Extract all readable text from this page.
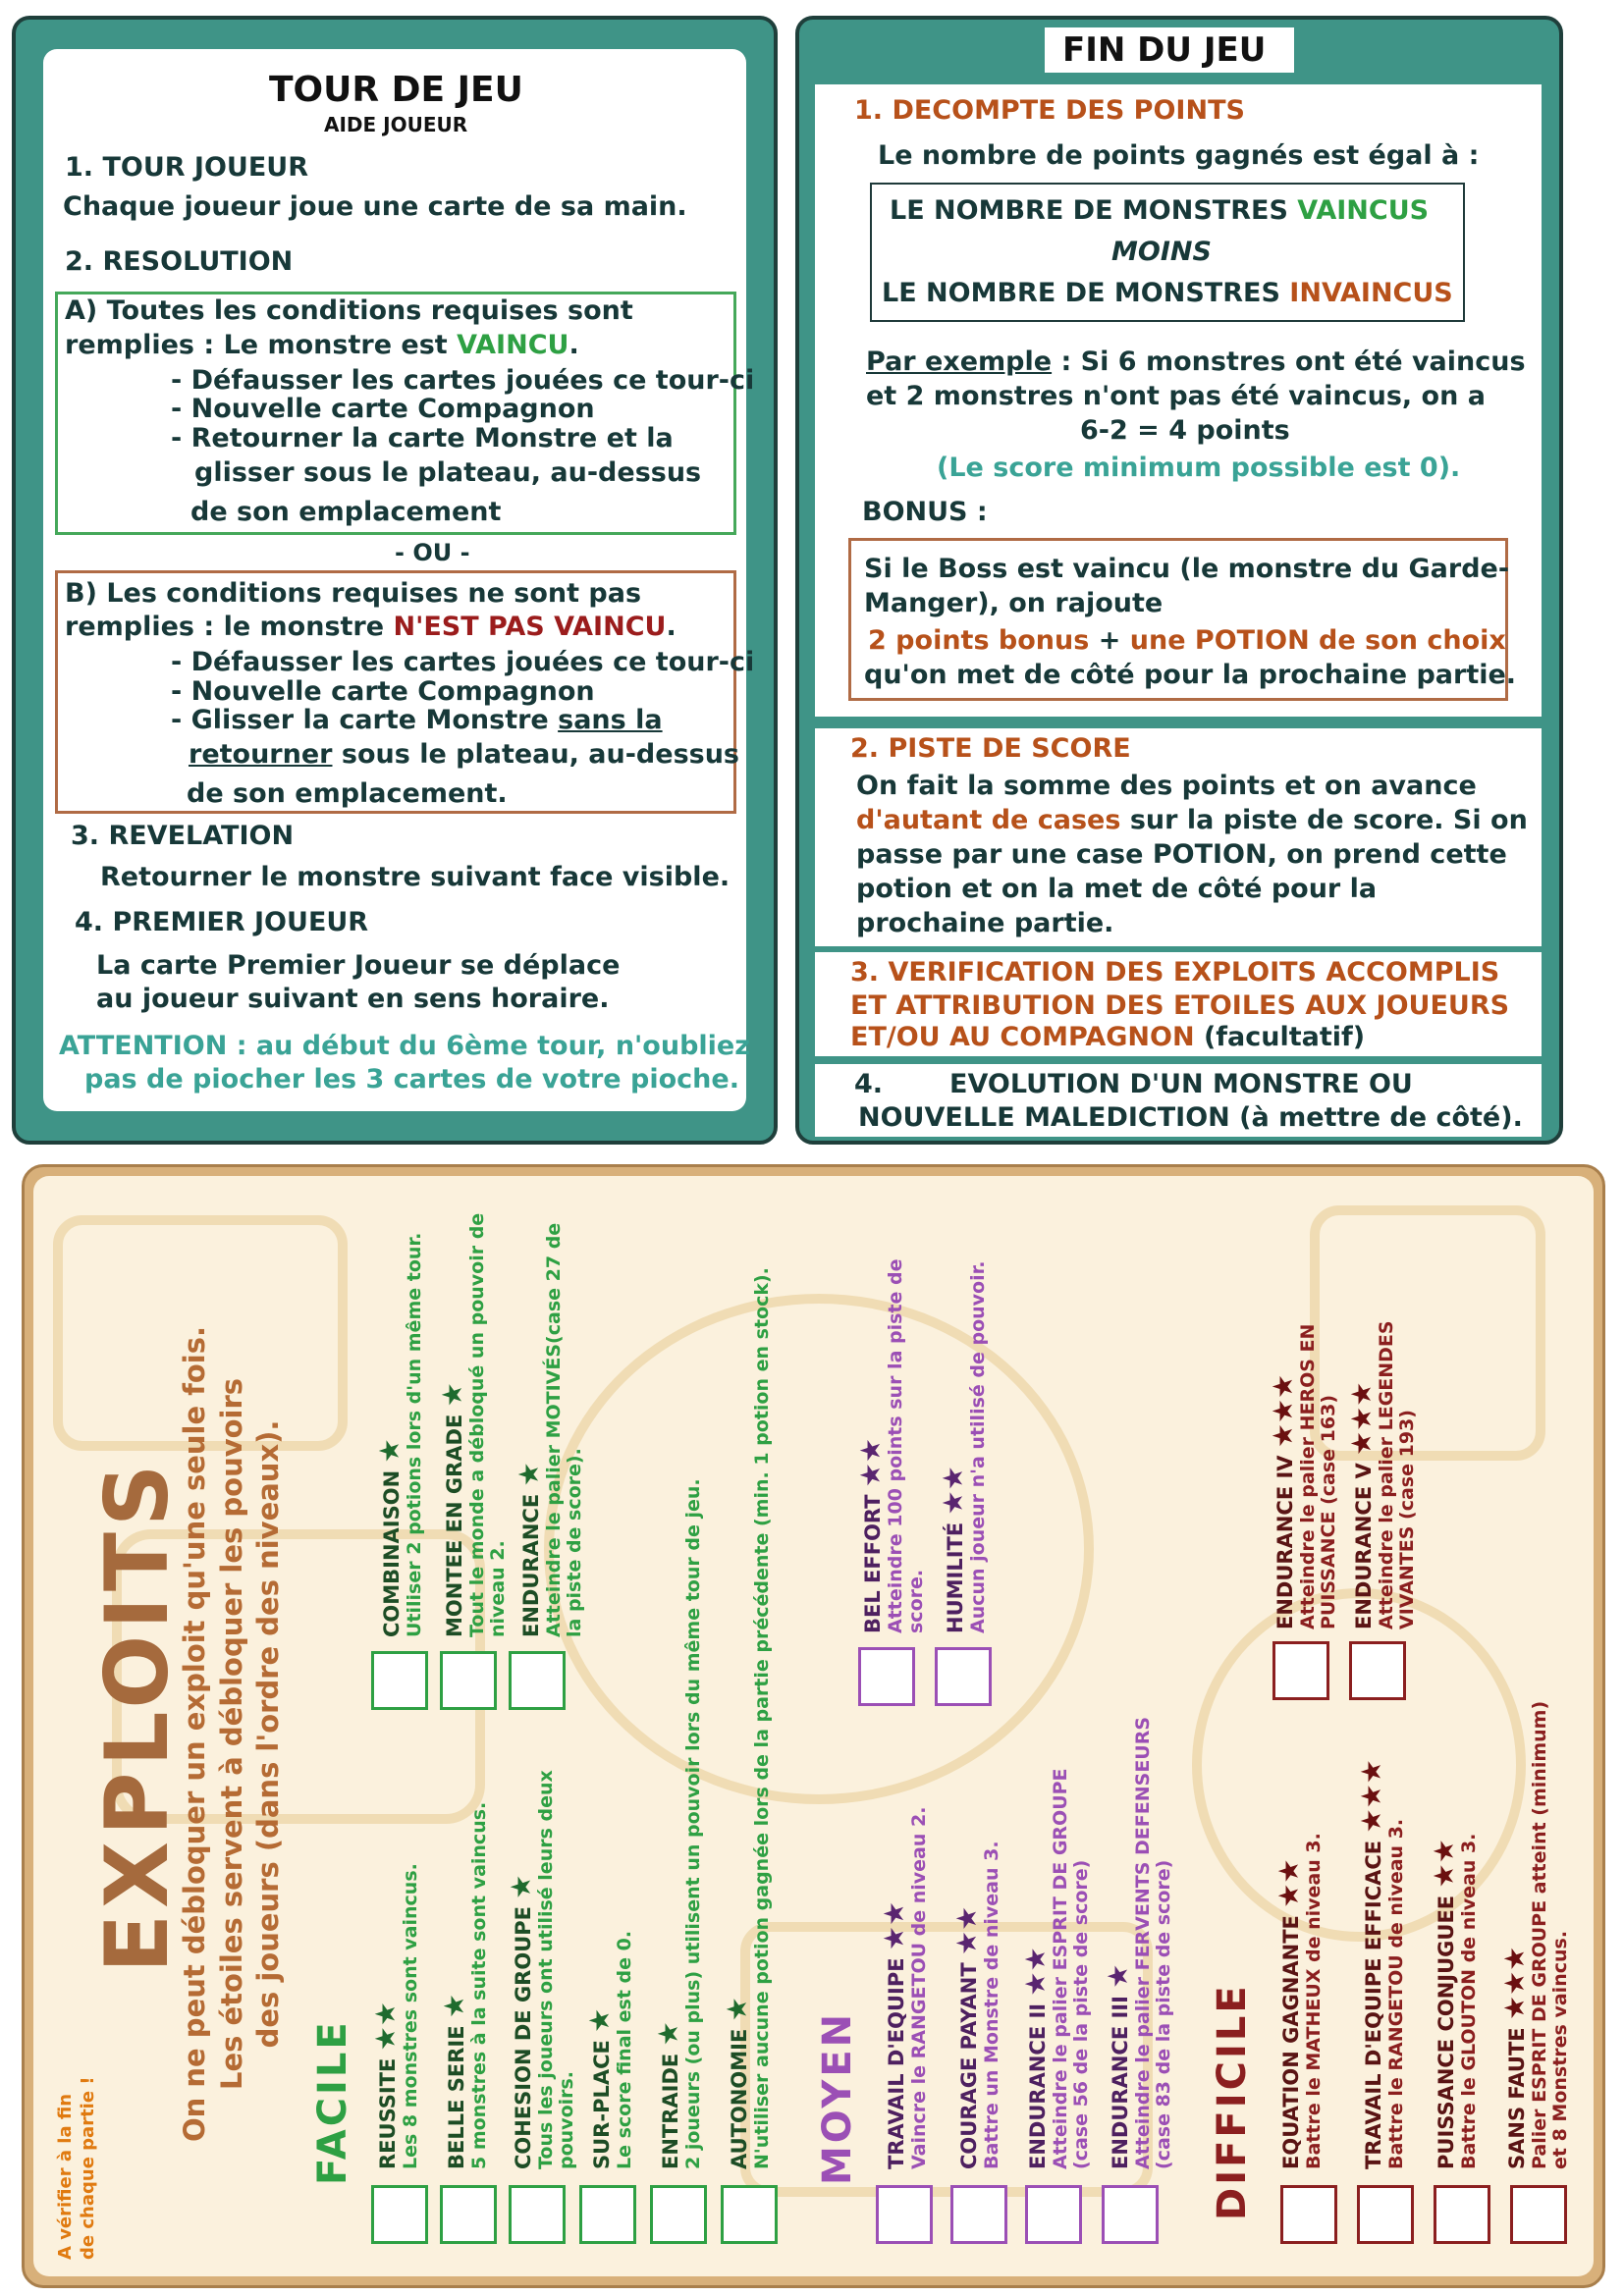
TOUR DE JEU
AIDE JOUEUR
1. TOUR JOUEUR
Chaque joueur joue une carte de sa main.
2. RESOLUTION
A) Toutes les conditions requises sont
remplies : Le monstre est VAINCU.
- Défausser les cartes jouées ce tour-ci
- Nouvelle carte Compagnon
- Retourner la carte Monstre et la
glisser sous le plateau, au-dessus
de son emplacement
- OU -
B) Les conditions requises ne sont pas
remplies : le monstre N'EST PAS VAINCU.
- Défausser les cartes jouées ce tour-ci
- Nouvelle carte Compagnon
- Glisser la carte Monstre sans la
retourner sous le plateau, au-dessus
de son emplacement.
3. REVELATION
Retourner le monstre suivant face visible.
4. PREMIER JOUEUR
La carte Premier Joueur se déplace
au joueur suivant en sens horaire.
ATTENTION : au début du 6ème tour, n'oubliez
pas de piocher les 3 cartes de votre pioche.
FIN DU JEU
1. DECOMPTE DES POINTS
Le nombre de points gagnés est égal à :
LE NOMBRE DE MONSTRES VAINCUS
MOINS
LE NOMBRE DE MONSTRES INVAINCUS
Par exemple : Si 6 monstres ont été vaincus
et 2 monstres n'ont pas été vaincus, on a
6-2 = 4 points
(Le score minimum possible est 0).
BONUS :
Si le Boss est vaincu (le monstre du Garde-
Manger), on rajoute
2 points bonus + une POTION de son choix
qu'on met de côté pour la prochaine partie.
2. PISTE DE SCORE
On fait la somme des points et on avance
d'autant de cases sur la piste de score. Si on
passe par une case POTION, on prend cette
potion et on la met de côté pour la
prochaine partie.
3. VERIFICATION DES EXPLOITS ACCOMPLIS
ET ATTRIBUTION DES ETOILES AUX JOUEURS
ET/OU AU COMPAGNON (facultatif)
4.	EVOLUTION D'UN MONSTRE OU
NOUVELLE MALEDICTION (à mettre de côté).
EXPLOITS
On ne peut débloquer un exploit qu'une seule fois. Les étoiles servent à débloquer les pouvoirs des joueurs (dans l'ordre des niveaux).
A vérifier à la fin de chaque partie !	FACILE	MOYEN	DIFFICILE
COMBINAISON ★
Utiliser 2 potions lors d'un même tour. MONTEE EN GRADE ★
Tout le monde a débloqué un pouvoir de
niveau 2. ENDURANCE ★
Atteindre le palier MOTIVÉS(case 27 de
la piste de score).
REUSSITE ★★
Les 8 monstres sont vaincus. BELLE SERIE ★
5 monstres à la suite sont vaincus. COHESION DE GROUPE ★
Tous les joueurs ont utilisé leurs deux
pouvoirs. SUR-PLACE ★
Le score final est de 0. ENTRAIDE ★
2 joueurs (ou plus) utilisent un pouvoir lors du même tour de jeu. AUTONOMIE ★
N'utiliser aucune potion gagnée lors de la partie précédente (min. 1 potion en stock).	BEL EFFORT ★★
Atteindre 100 points sur la piste de
score. HUMILITÉ ★★
Aucun joueur n'a utilisé de pouvoir.
TRAVAIL D'EQUIPE ★★
Vaincre le RANGETOU de niveau 2. COURAGE PAYANT ★★
Battre un Monstre de niveau 3. ENDURANCE II ★★
Atteindre le palier ESPRIT DE GROUPE
(case 56 de la piste de score) ENDURANCE III ★
Atteindre le palier FERVENTS DEFENSEURS
(case 83 de la piste de score)
ENDURANCE IV ★★★
Atteindre le palier HEROS EN
PUISSANCE (case 163) ENDURANCE V ★★★
Atteindre le palier LEGENDES
VIVANTES (case 193)
EQUATION GAGNANTE ★★
Battre le MATHEUX de niveau 3. TRAVAIL D'EQUIPE EFFICACE ★★★
Battre le RANGETOU de niveau 3. PUISSANCE CONJUGUEE ★★
Battre le GLOUTON de niveau 3. SANS FAUTE ★★★
Palier ESPRIT DE GROUPE atteint (minimum)
et 8 Monstres vaincus.
